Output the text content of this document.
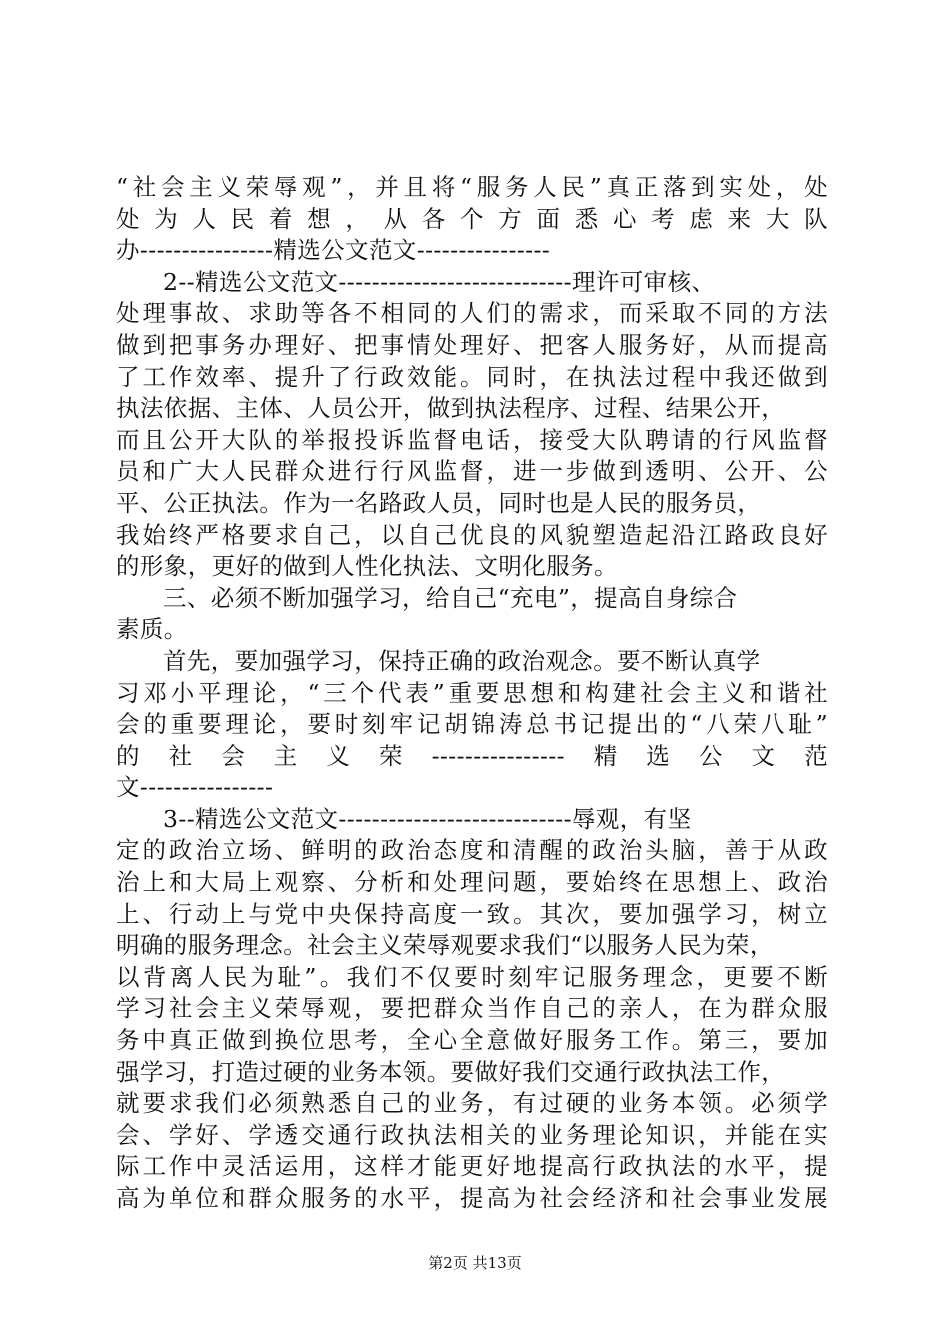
“社会主义荣辱观”，并且将“服务人民”真正落到实处，处
处为人民着想，从各个方面悉心考虑来大队
办----------------精选公文范文----------------
2--精选公文范文----------------------------理许可审核、
处理事故、求助等各不相同的人们的需求，而采取不同的方法
做到把事务办理好、把事情处理好、把客人服务好，从而提高
了工作效率、提升了行政效能。同时，在执法过程中我还做到
执法依据、主体、人员公开，做到执法程序、过程、结果公开，
而且公开大队的举报投诉监督电话，接受大队聘请的行风监督
员和广大人民群众进行行风监督，进一步做到透明、公开、公
平、公正执法。作为一名路政人员，同时也是人民的服务员，
我始终严格要求自己，以自己优良的风貌塑造起沿江路政良好
的形象，更好的做到人性化执法、文明化服务。
三、必须不断加强学习，给自己“充电”，提高自身综合
素质。
首先，要加强学习，保持正确的政治观念。要不断认真学
习邓小平理论，“三个代表”重要思想和构建社会主义和谐社
会的重要理论，要时刻牢记胡锦涛总书记提出的“八荣八耻”
的社会主义荣----------------精选公文范
文----------------
3--精选公文范文----------------------------辱观，有坚
定的政治立场、鲜明的政治态度和清醒的政治头脑，善于从政
治上和大局上观察、分析和处理问题，要始终在思想上、政治
上、行动上与党中央保持高度一致。其次，要加强学习，树立
明确的服务理念。社会主义荣辱观要求我们“以服务人民为荣，
以背离人民为耻”。我们不仅要时刻牢记服务理念，更要不断
学习社会主义荣辱观，要把群众当作自己的亲人，在为群众服
务中真正做到换位思考，全心全意做好服务工作。第三，要加
强学习，打造过硬的业务本领。要做好我们交通行政执法工作，
就要求我们必须熟悉自己的业务，有过硬的业务本领。必须学
会、学好、学透交通行政执法相关的业务理论知识，并能在实
际工作中灵活运用，这样才能更好地提高行政执法的水平，提
高为单位和群众服务的水平，提高为社会经济和社会事业发展
第2页 共13页
